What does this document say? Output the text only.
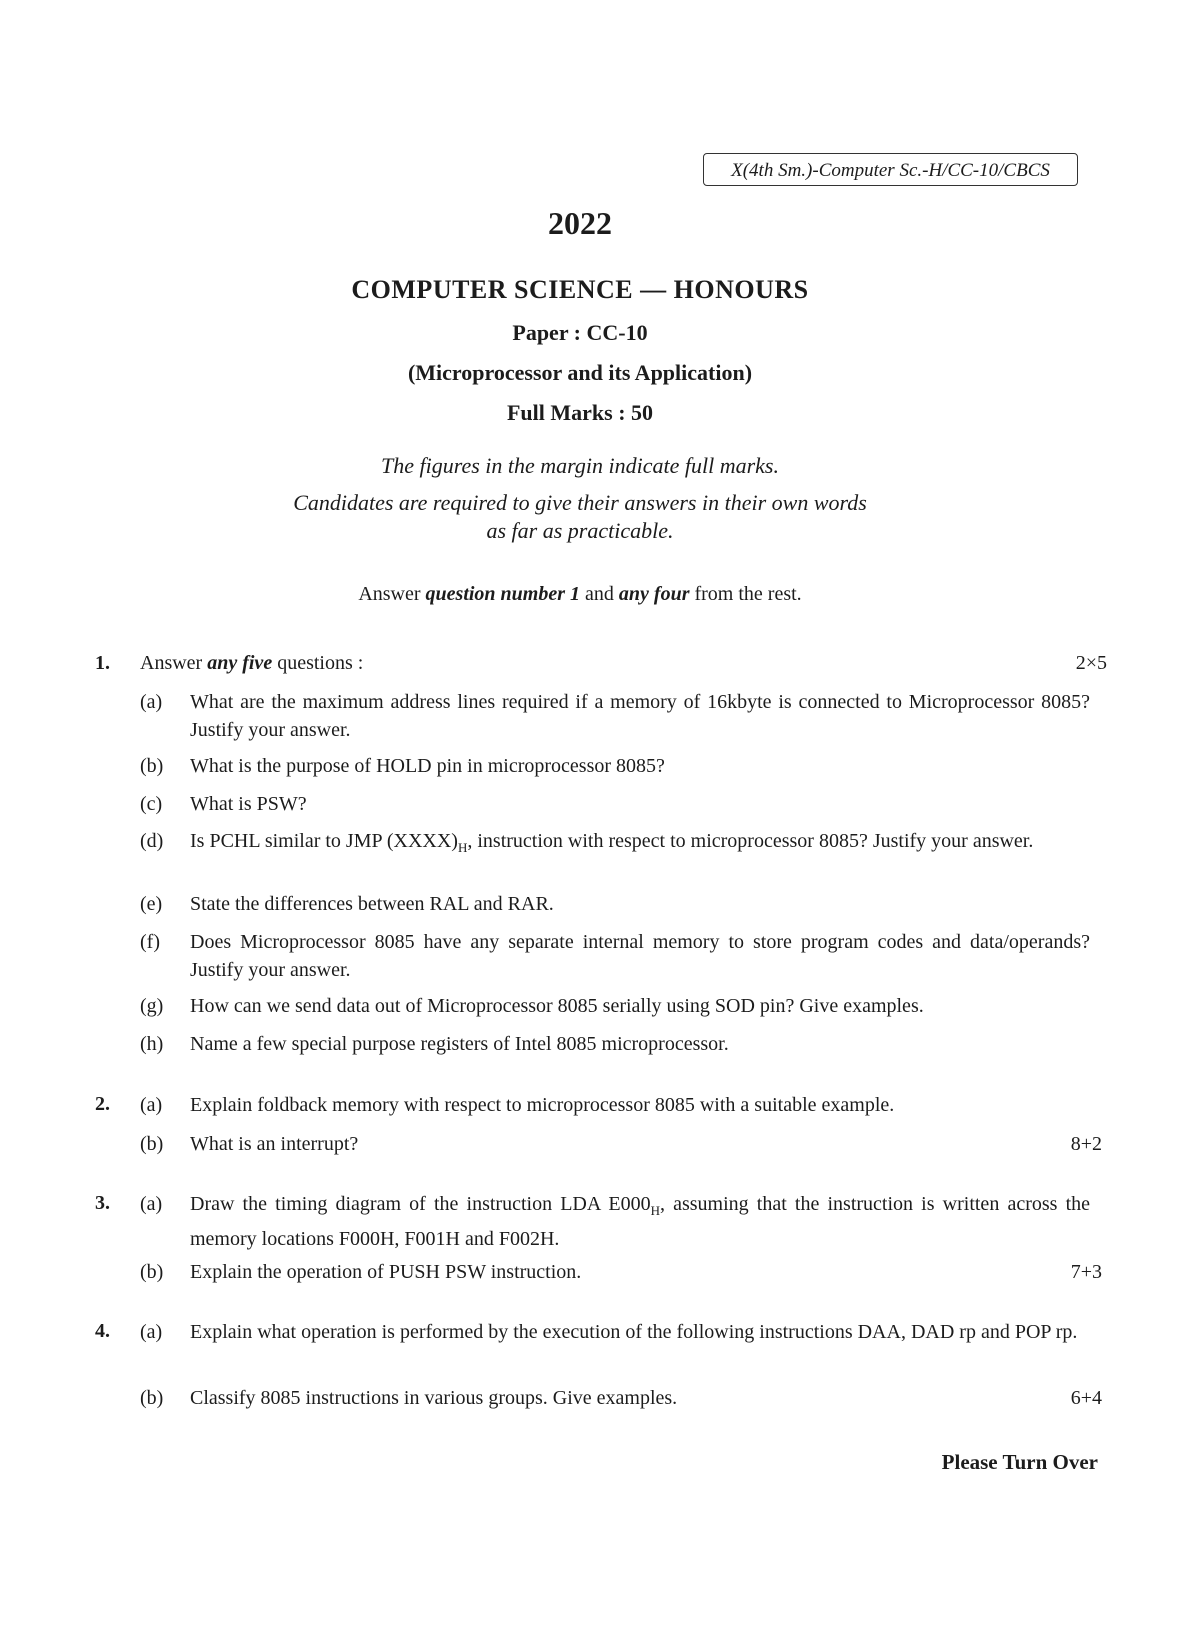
X(4th Sm.)-Computer Sc.-H/CC-10/CBCS
2022
COMPUTER SCIENCE — HONOURS
Paper : CC-10
(Microprocessor and its Application)
Full Marks : 50
The figures in the margin indicate full marks.
Candidates are required to give their answers in their own words
as far as practicable.
Answer question number 1 and any four from the rest.
1. Answer any five questions :	2×5
(a) What are the maximum address lines required if a memory of 16kbyte is connected to Microprocessor 8085? Justify your answer.
(b) What is the purpose of HOLD pin in microprocessor 8085?
(c) What is PSW?
(d) Is PCHL similar to JMP $(XXXX)_H$, instruction with respect to microprocessor 8085? Justify your answer.
(e) State the differences between RAL and RAR.
(f) Does Microprocessor 8085 have any separate internal memory to store program codes and data/operands? Justify your answer.
(g) How can we send data out of Microprocessor 8085 serially using SOD pin? Give examples.
(h) Name a few special purpose registers of Intel 8085 microprocessor.
2. (a) Explain foldback memory with respect to microprocessor 8085 with a suitable example.
(b) What is an interrupt?	8+2
3. (a) Draw the timing diagram of the instruction LDA $E000_H$, assuming that the instruction is written across the memory locations F000H, F001H and F002H.
(b) Explain the operation of PUSH PSW instruction.	7+3
4. (a) Explain what operation is performed by the execution of the following instructions DAA, DAD rp and POP rp.
(b) Classify 8085 instructions in various groups. Give examples.	6+4
Please Turn Over
